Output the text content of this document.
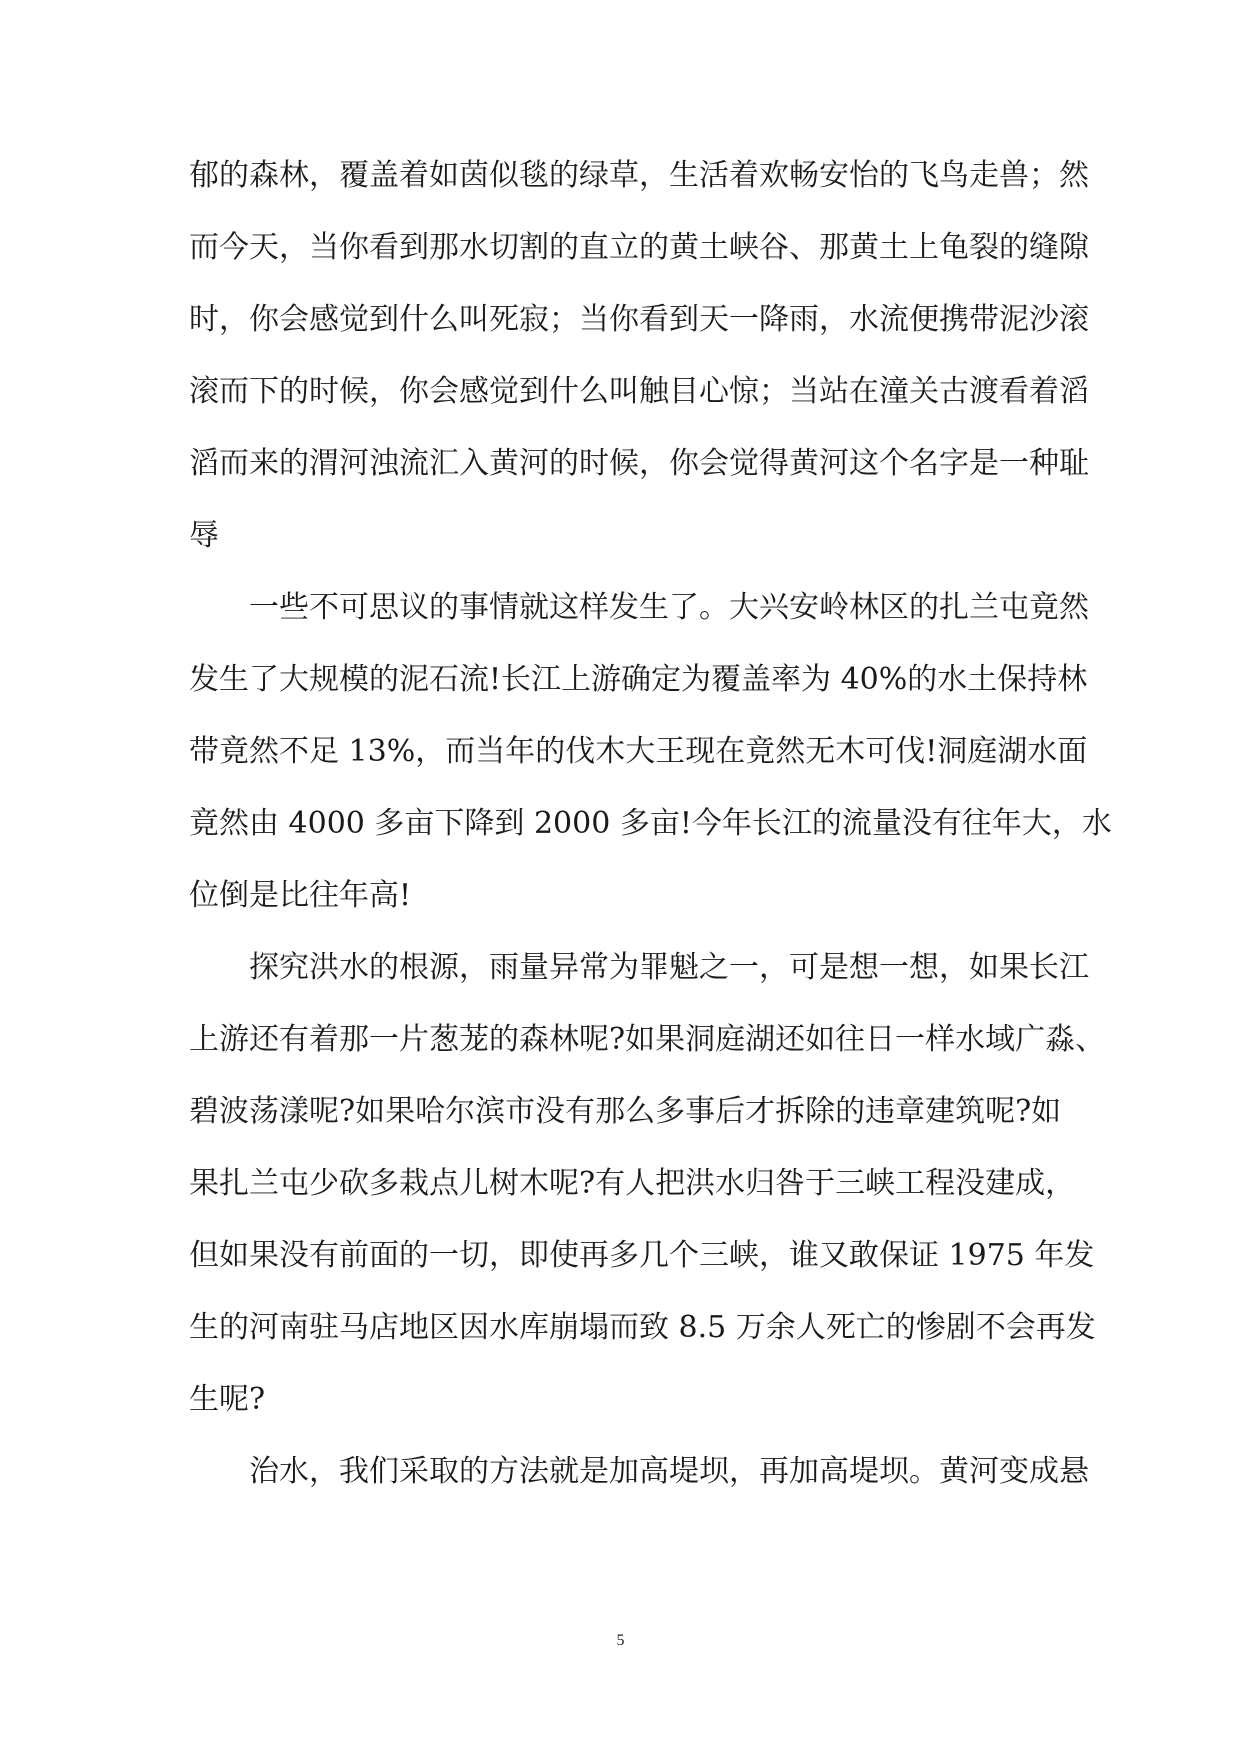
郁的森林，覆盖着如茵似毯的绿草，生活着欢畅安怡的飞鸟走兽；然
而今天，当你看到那水切割的直立的黄土峡谷、那黄土上龟裂的缝隙
时，你会感觉到什么叫死寂；当你看到天一降雨，水流便携带泥沙滚
滚而下的时候，你会感觉到什么叫触目心惊；当站在潼关古渡看着滔
滔而来的渭河浊流汇入黄河的时候，你会觉得黄河这个名字是一种耻
辱
一些不可思议的事情就这样发生了。大兴安岭林区的扎兰屯竟然
发生了大规模的泥石流!长江上游确定为覆盖率为 40%的水土保持林
带竟然不足 13%，而当年的伐木大王现在竟然无木可伐!洞庭湖水面
竟然由 4000 多亩下降到 2000 多亩!今年长江的流量没有往年大，水
位倒是比往年高!
探究洪水的根源，雨量异常为罪魁之一，可是想一想，如果长江
上游还有着那一片葱茏的森林呢?如果洞庭湖还如往日一样水域广淼、
碧波荡漾呢?如果哈尔滨市没有那么多事后才拆除的违章建筑呢?如
果扎兰屯少砍多栽点儿树木呢?有人把洪水归咎于三峡工程没建成，
但如果没有前面的一切，即使再多几个三峡，谁又敢保证 1975 年发
生的河南驻马店地区因水库崩塌而致 8.5 万余人死亡的惨剧不会再发
生呢?
治水，我们采取的方法就是加高堤坝，再加高堤坝。黄河变成悬
5
